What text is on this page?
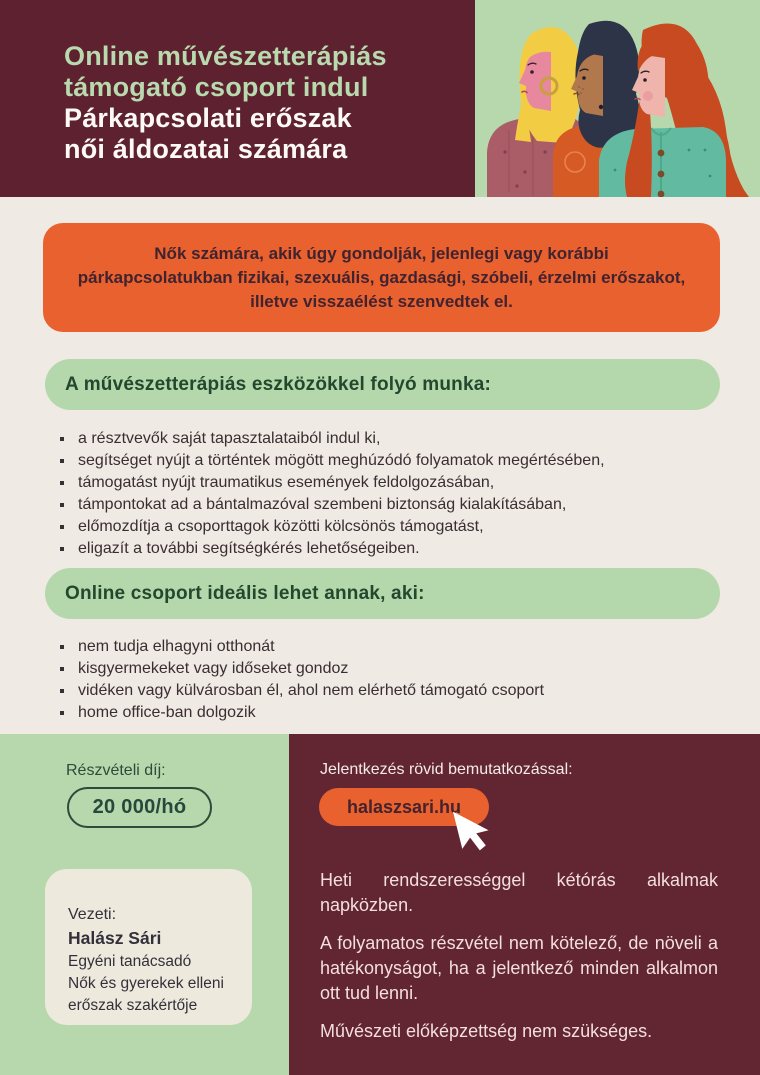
Online művészetterápiás
támogató csoport indul
Párkapcsolati erőszak
női áldozatai számára

Nők számára, akik úgy gondolják, jelenlegi vagy korábbi párkapcsolatukban fizikai, szexuális, gazdasági, szóbeli, érzelmi erőszakot, illetve visszaélést szenvedtek el.

A művészetterápiás eszközökkel folyó munka:
a résztvevők saját tapasztalataiból indul ki,
segítséget nyújt a történtek mögött meghúzódó folyamatok megértésében,
támogatást nyújt traumatikus események feldolgozásában,
támpontokat ad a bántalmazóval szembeni biztonság kialakításában,
előmozdítja a csoporttagok közötti kölcsönös támogatást,
eligazít a további segítségkérés lehetőségeiben.
Online csoport ideális lehet annak, aki:
nem tudja elhagyni otthonát
kisgyermekeket vagy időseket gondoz
vidéken vagy külvárosban él, ahol nem elérhető támogató csoport
home office-ban dolgozik
Részvételi díj:
20 000/hó
Vezeti:
Halász Sári
Egyéni tanácsadó
Nők és gyerekek elleni
erőszak szakértője
Jelentkezés rövid bemutatkozással:
halaszsari.hu

Heti rendszerességgel kétórás alkalmak napközben.

A folyamatos részvétel nem kötelező, de növeli a hatékonyságot, ha a jelentkező minden alkalmon ott tud lenni.

Művészeti előképzettség nem szükséges.
